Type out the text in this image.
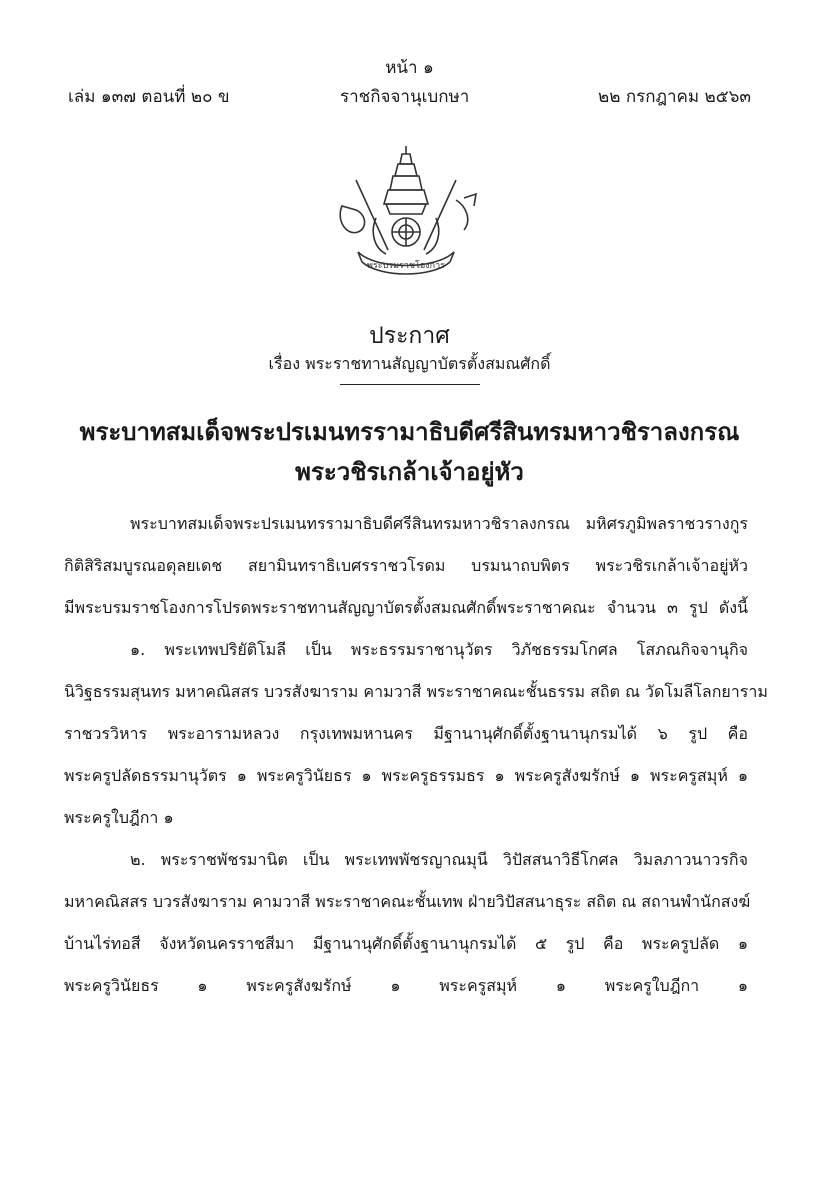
หน้า ๑
เล่ม ๑๓๗ ตอนที่ ๒๐ ข	ราชกิจจานุเบกษา	๒๒ กรกฎาคม ๒๕๖๓
พระบรมราชโองการ
ประกาศ
เรื่อง พระราชทานสัญญาบัตรตั้งสมณศักดิ์
พระบาทสมเด็จพระปรเมนทรรามาธิบดีศรีสินทรมหาวชิราลงกรณ
พระวชิรเกล้าเจ้าอยู่หัว
พระบาทสมเด็จพระปรเมนทรรามาธิบดีศรีสินทรมหาวชิราลงกรณ มหิศรภูมิพลราชวรางกูร
กิติสิริสมบูรณอดุลยเดช สยามินทราธิเบศรราชวโรดม บรมนาถบพิตร พระวชิรเกล้าเจ้าอยู่หัว
มีพระบรมราชโองการโปรดพระราชทานสัญญาบัตรตั้งสมณศักดิ์พระราชาคณะ จำนวน ๓ รูป ดังนี้
๑. พระเทพปริยัติโมลี เป็น พระธรรมราชานุวัตร วิภัชธรรมโกศล โสภณกิจจานุกิจ
นิวิฐธรรมสุนทร มหาคณิสสร บวรสังฆาราม คามวาสี พระราชาคณะชั้นธรรม สถิต ณ วัดโมลีโลกยาราม
ราชวรวิหาร พระอารามหลวง กรุงเทพมหานคร มีฐานานุศักดิ์ตั้งฐานานุกรมได้ ๖ รูป คือ
พระครูปลัดธรรมานุวัตร ๑ พระครูวินัยธร ๑ พระครูธรรมธร ๑ พระครูสังฆรักษ์ ๑ พระครูสมุห์ ๑
พระครูใบฎีกา ๑
๒. พระราชพัชรมานิต เป็น พระเทพพัชรญาณมุนี วิปัสสนาวิธีโกศล วิมลภาวนาวรกิจ
มหาคณิสสร บวรสังฆาราม คามวาสี พระราชาคณะชั้นเทพ ฝ่ายวิปัสสนาธุระ สถิต ณ สถานพำนักสงฆ์
บ้านไร่ทอสี จังหวัดนครราชสีมา มีฐานานุศักดิ์ตั้งฐานานุกรมได้ ๕ รูป คือ พระครูปลัด ๑
พระครูวินัยธร ๑ พระครูสังฆรักษ์ ๑ พระครูสมุห์ ๑ พระครูใบฎีกา ๑
